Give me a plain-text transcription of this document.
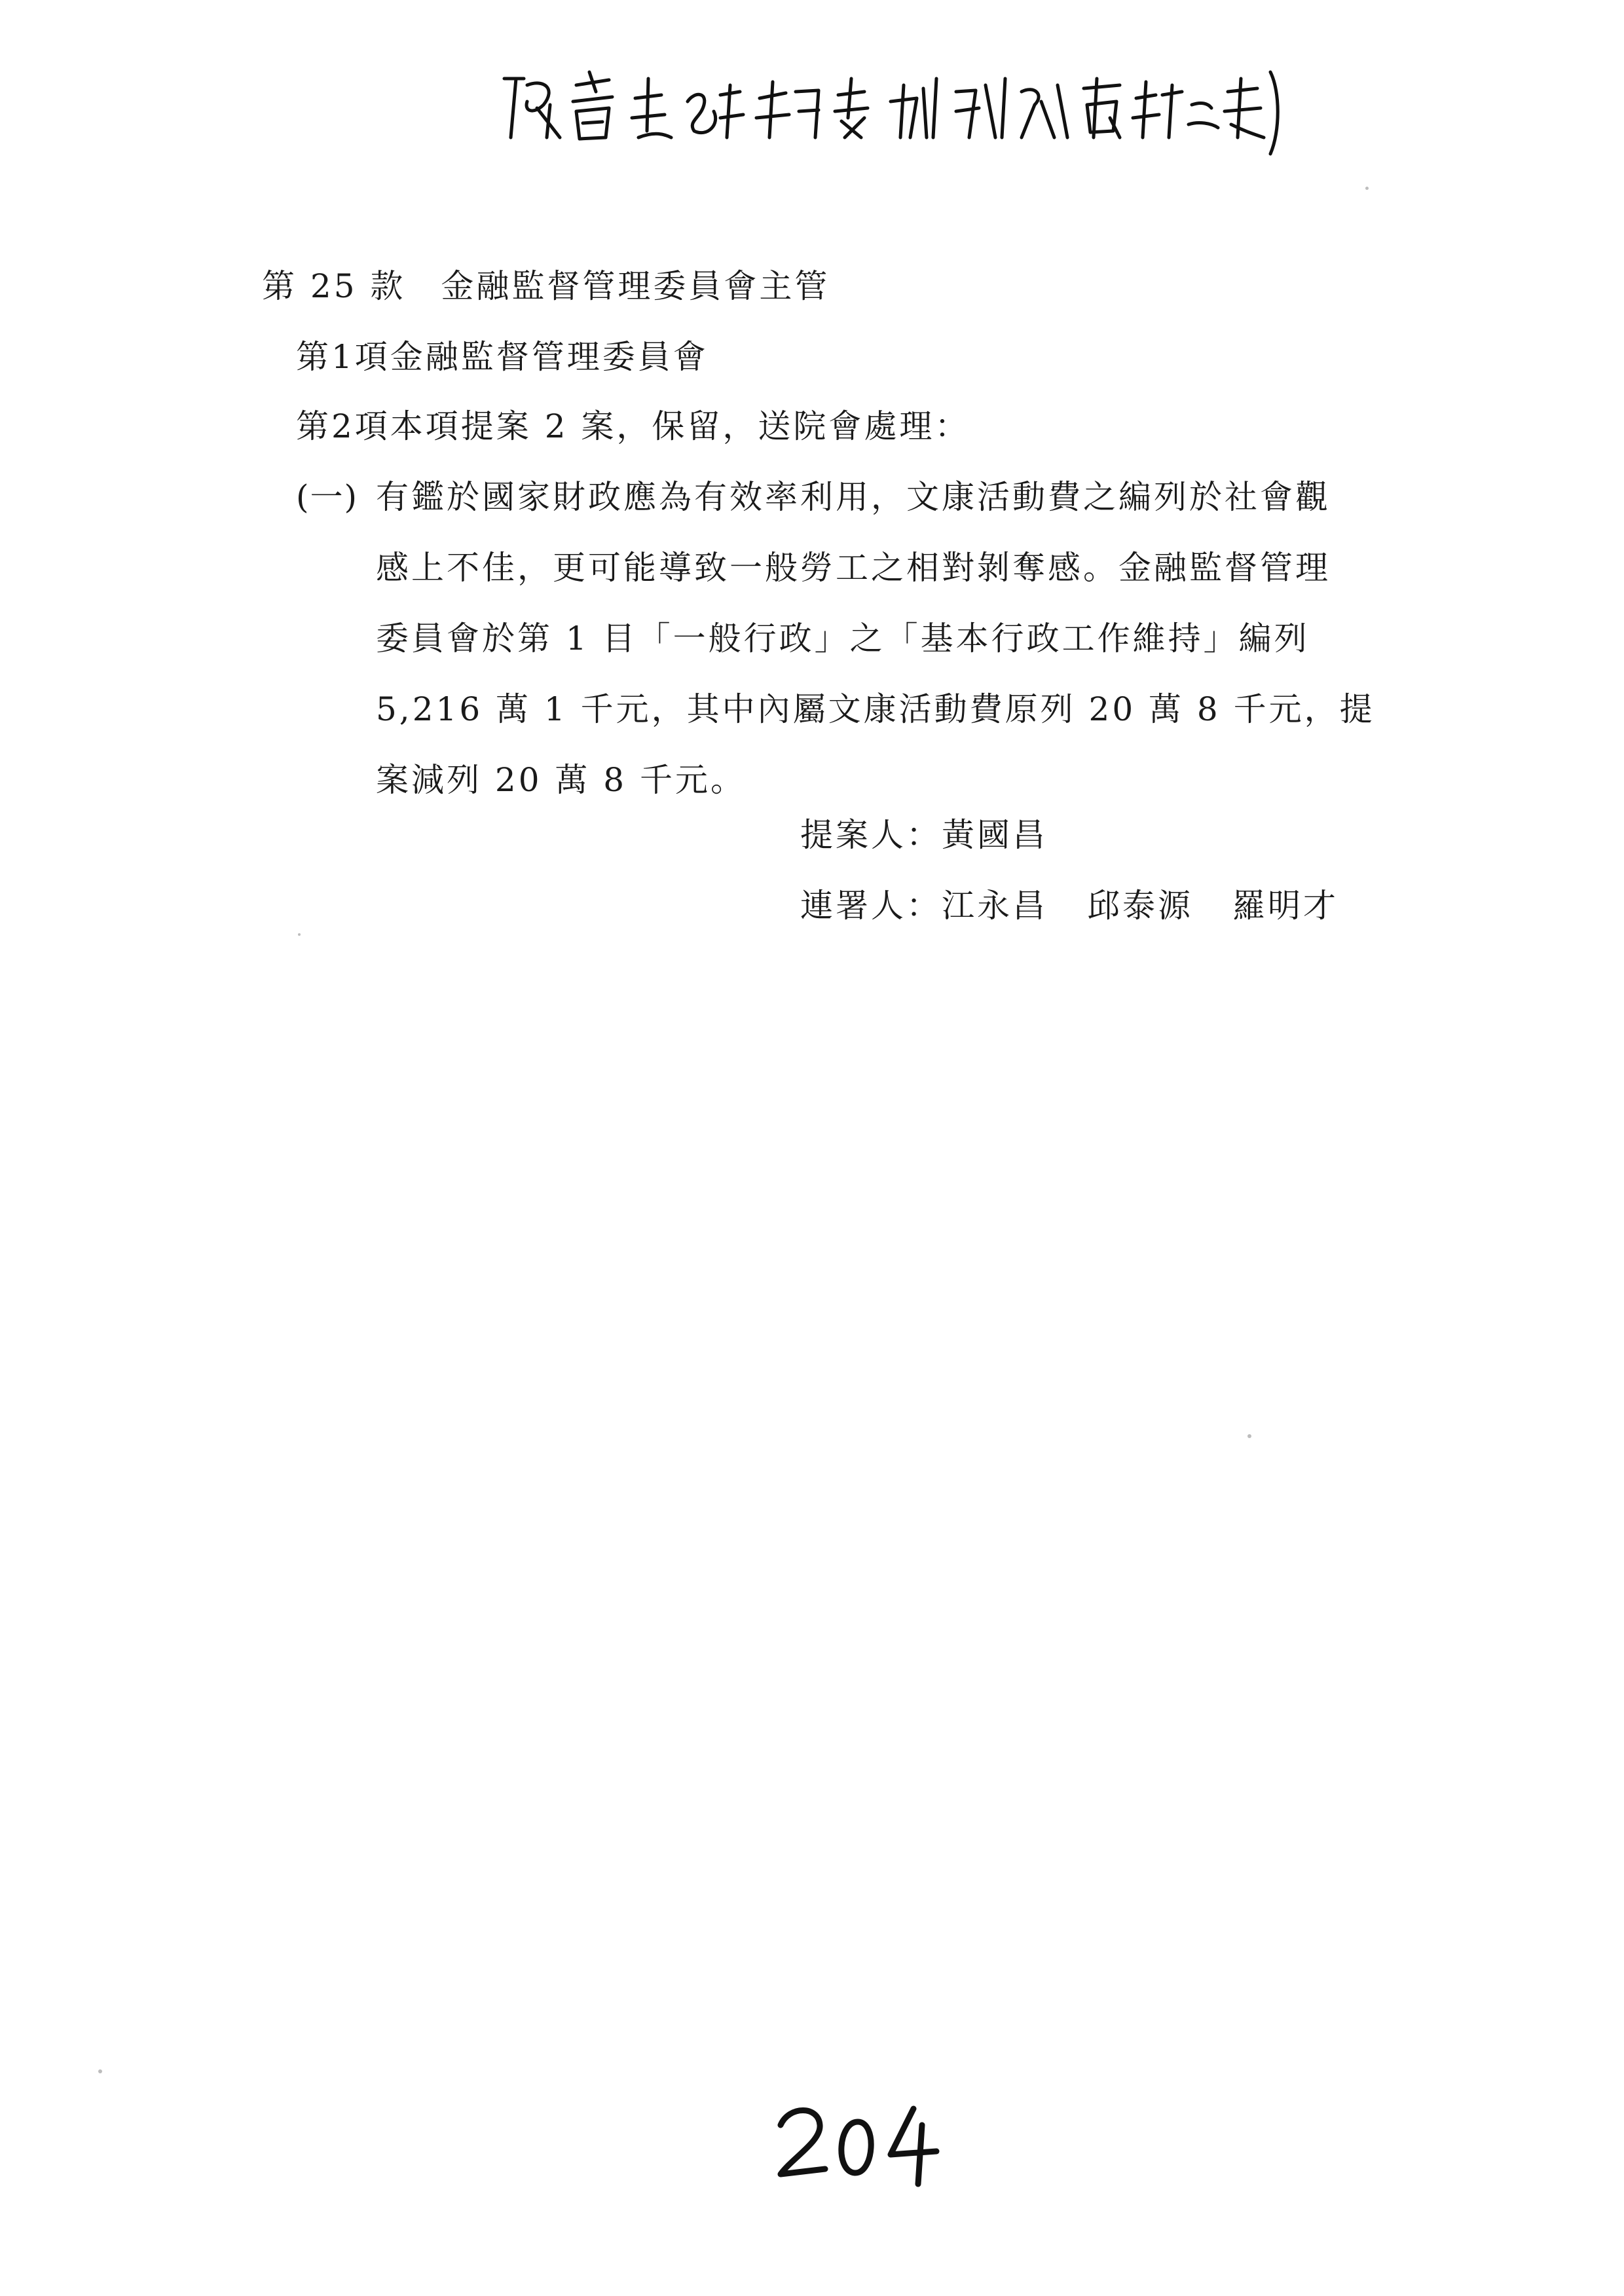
第 25 款　金融監督管理委員會主管
第1項金融監督管理委員會
第2項本項提案 2 案，保留，送院會處理：
(一) 有鑑於國家財政應為有效率利用，文康活動費之編列於社會觀
感上不佳，更可能導致一般勞工之相對剝奪感。金融監督管理
委員會於第 1 目「一般行政」之「基本行政工作維持」編列
5,216 萬 1 千元，其中內屬文康活動費原列 20 萬 8 千元，提
案減列 20 萬 8 千元。
提案人：黃國昌
連署人：江永昌 邱泰源 羅明才
